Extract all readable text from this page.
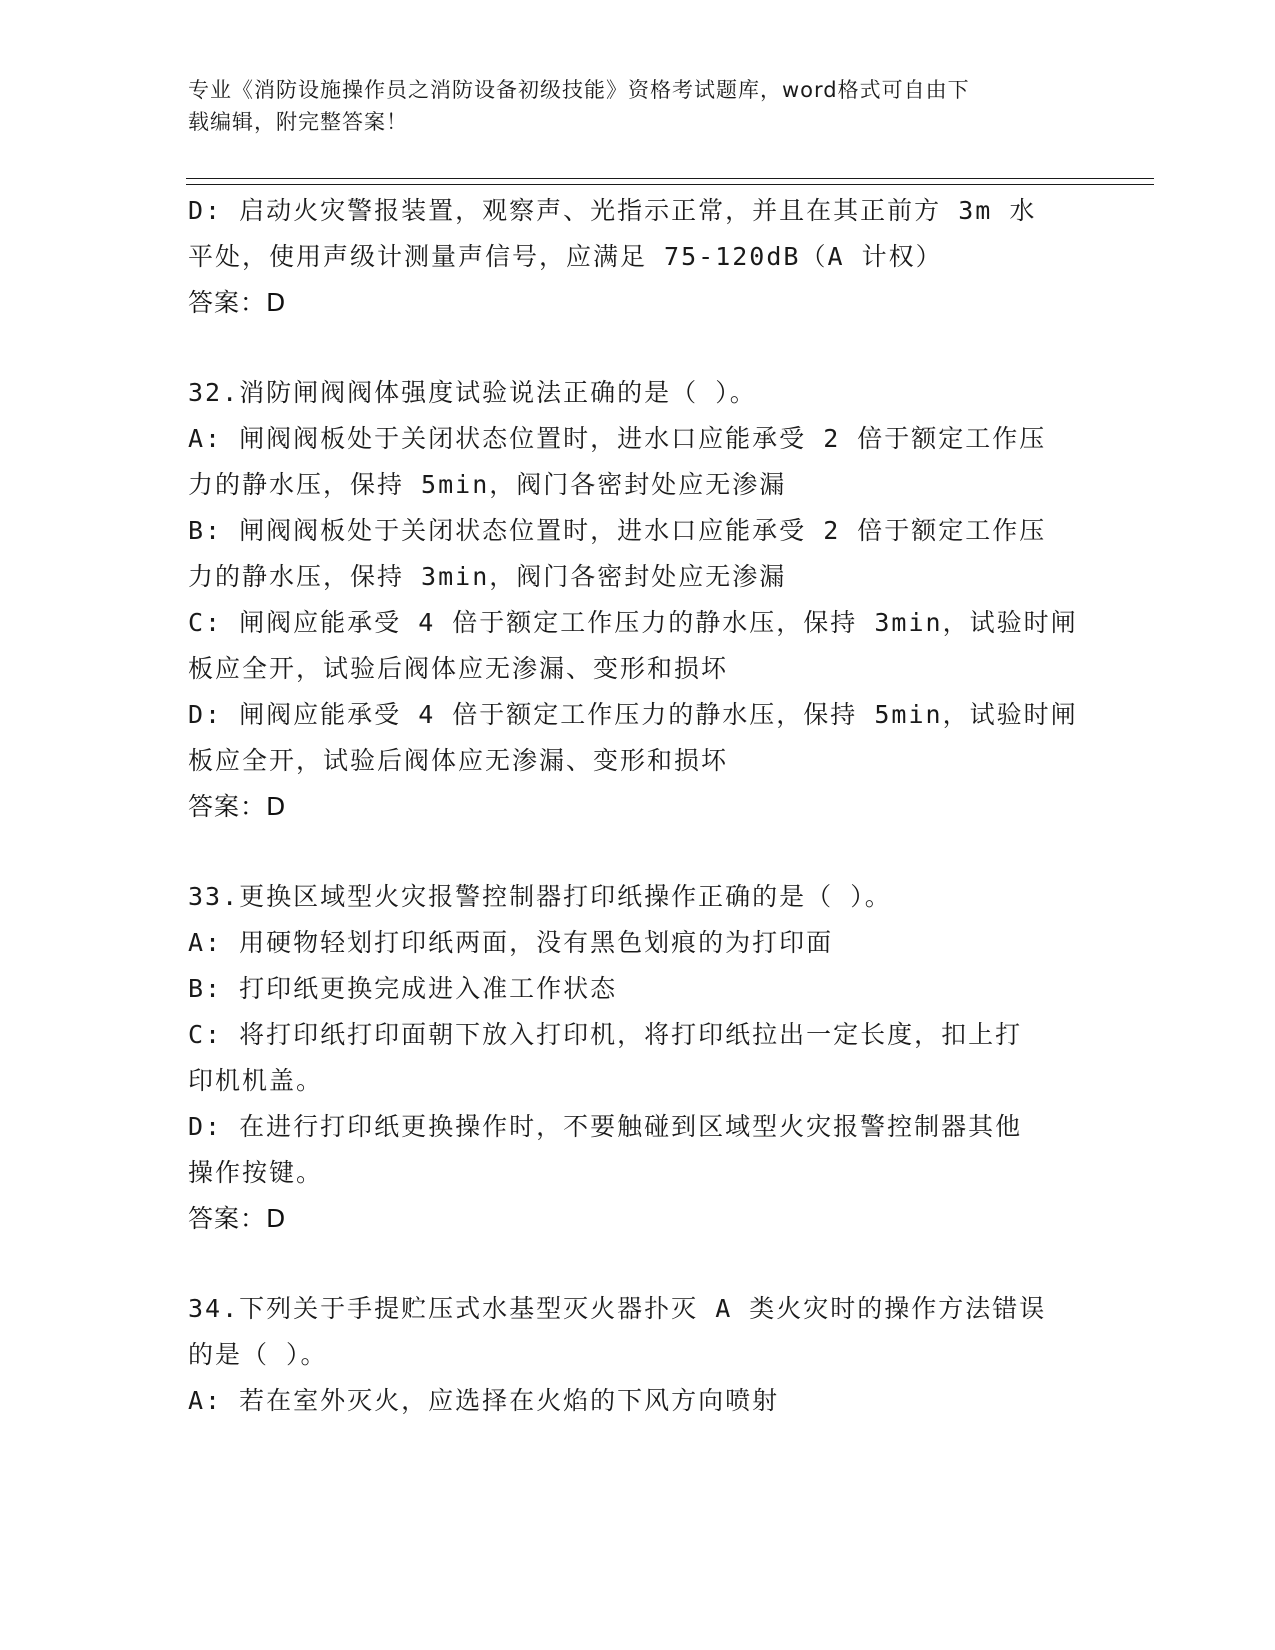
专业《消防设施操作员之消防设备初级技能》资格考试题库，word格式可自由下
载编辑，附完整答案！
D: 启动火灾警报装置，观察声、光指示正常，并且在其正前方 3m 水
平处，使用声级计测量声信号，应满足 75-120dB（A 计权）
答案：D
32.消防闸阀阀体强度试验说法正确的是（ ）。
A: 闸阀阀板处于关闭状态位置时，进水口应能承受 2 倍于额定工作压
力的静水压，保持 5min，阀门各密封处应无渗漏
B: 闸阀阀板处于关闭状态位置时，进水口应能承受 2 倍于额定工作压
力的静水压，保持 3min，阀门各密封处应无渗漏
C: 闸阀应能承受 4 倍于额定工作压力的静水压，保持 3min，试验时闸
板应全开，试验后阀体应无渗漏、变形和损坏
D: 闸阀应能承受 4 倍于额定工作压力的静水压，保持 5min，试验时闸
板应全开，试验后阀体应无渗漏、变形和损坏
答案：D
33.更换区域型火灾报警控制器打印纸操作正确的是（ ）。
A: 用硬物轻划打印纸两面，没有黑色划痕的为打印面
B: 打印纸更换完成进入准工作状态
C: 将打印纸打印面朝下放入打印机，将打印纸拉出一定长度，扣上打
印机机盖。
D: 在进行打印纸更换操作时，不要触碰到区域型火灾报警控制器其他
操作按键。
答案：D
34.下列关于手提贮压式水基型灭火器扑灭 A 类火灾时的操作方法错误
的是（ ）。
A: 若在室外灭火，应选择在火焰的下风方向喷射
